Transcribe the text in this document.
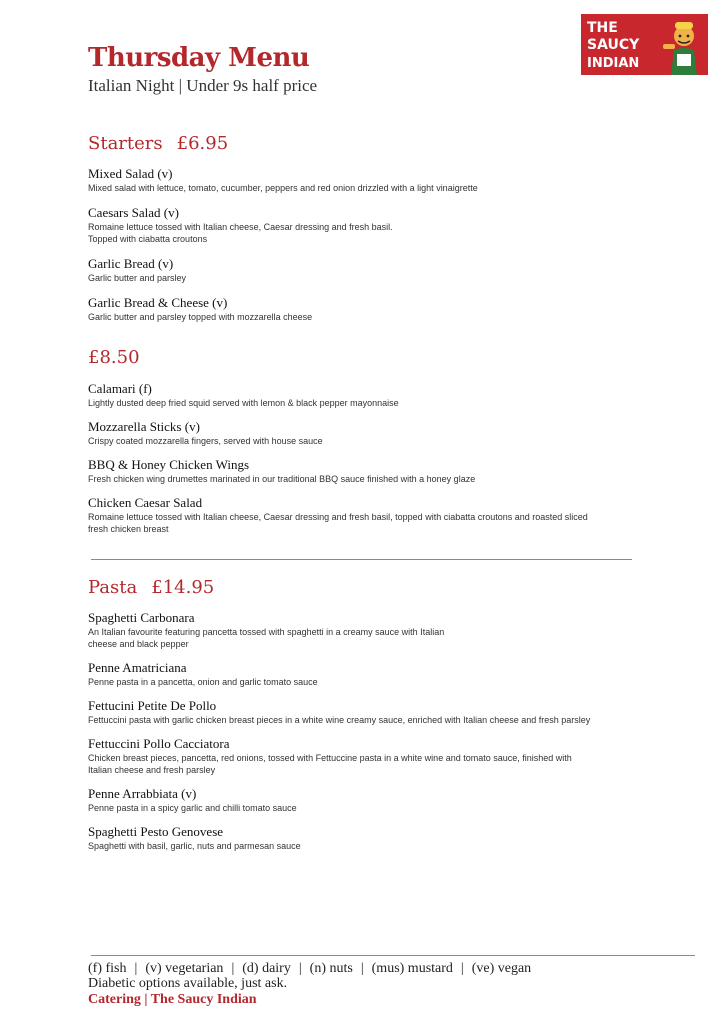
Thursday Menu
Italian Night | Under 9s half price
THE
SAUCY
INDIAN
Starters £6.95
Mixed Salad (v)
Mixed salad with lettuce, tomato, cucumber, peppers and red onion drizzled with a light vinaigrette
Caesars Salad (v)
Romaine lettuce tossed with Italian cheese, Caesar dressing and fresh basil.
Topped with ciabatta croutons
Garlic Bread (v)
Garlic butter and parsley
Garlic Bread & Cheese (v)
Garlic butter and parsley topped with mozzarella cheese
£8.50
Calamari (f)
Lightly dusted deep fried squid served with lemon & black pepper mayonnaise
Mozzarella Sticks (v)
Crispy coated mozzarella fingers, served with house sauce
BBQ & Honey Chicken Wings
Fresh chicken wing drumettes marinated in our traditional BBQ sauce finished with a honey glaze
Chicken Caesar Salad
Romaine lettuce tossed with Italian cheese, Caesar dressing and fresh basil, topped with ciabatta croutons and roasted sliced
fresh chicken breast
Pasta £14.95
Spaghetti Carbonara
An Italian favourite featuring pancetta tossed with spaghetti in a creamy sauce with Italian
cheese and black pepper
Penne Amatriciana
Penne pasta in a pancetta, onion and garlic tomato sauce
Fettucini Petite De Pollo
Fettuccini pasta with garlic chicken breast pieces in a white wine creamy sauce, enriched with Italian cheese and fresh parsley
Fettuccini Pollo Cacciatora
Chicken breast pieces, pancetta, red onions, tossed with Fettuccine pasta in a white wine and tomato sauce, finished with
Italian cheese and fresh parsley
Penne Arrabbiata (v)
Penne pasta in a spicy garlic and chilli tomato sauce
Spaghetti Pesto Genovese
Spaghetti with basil, garlic, nuts and parmesan sauce
(f) fish | (v) vegetarian | (d) dairy | (n) nuts | (mus) mustard | (ve) vegan
Diabetic options available, just ask.
Catering | The Saucy Indian
